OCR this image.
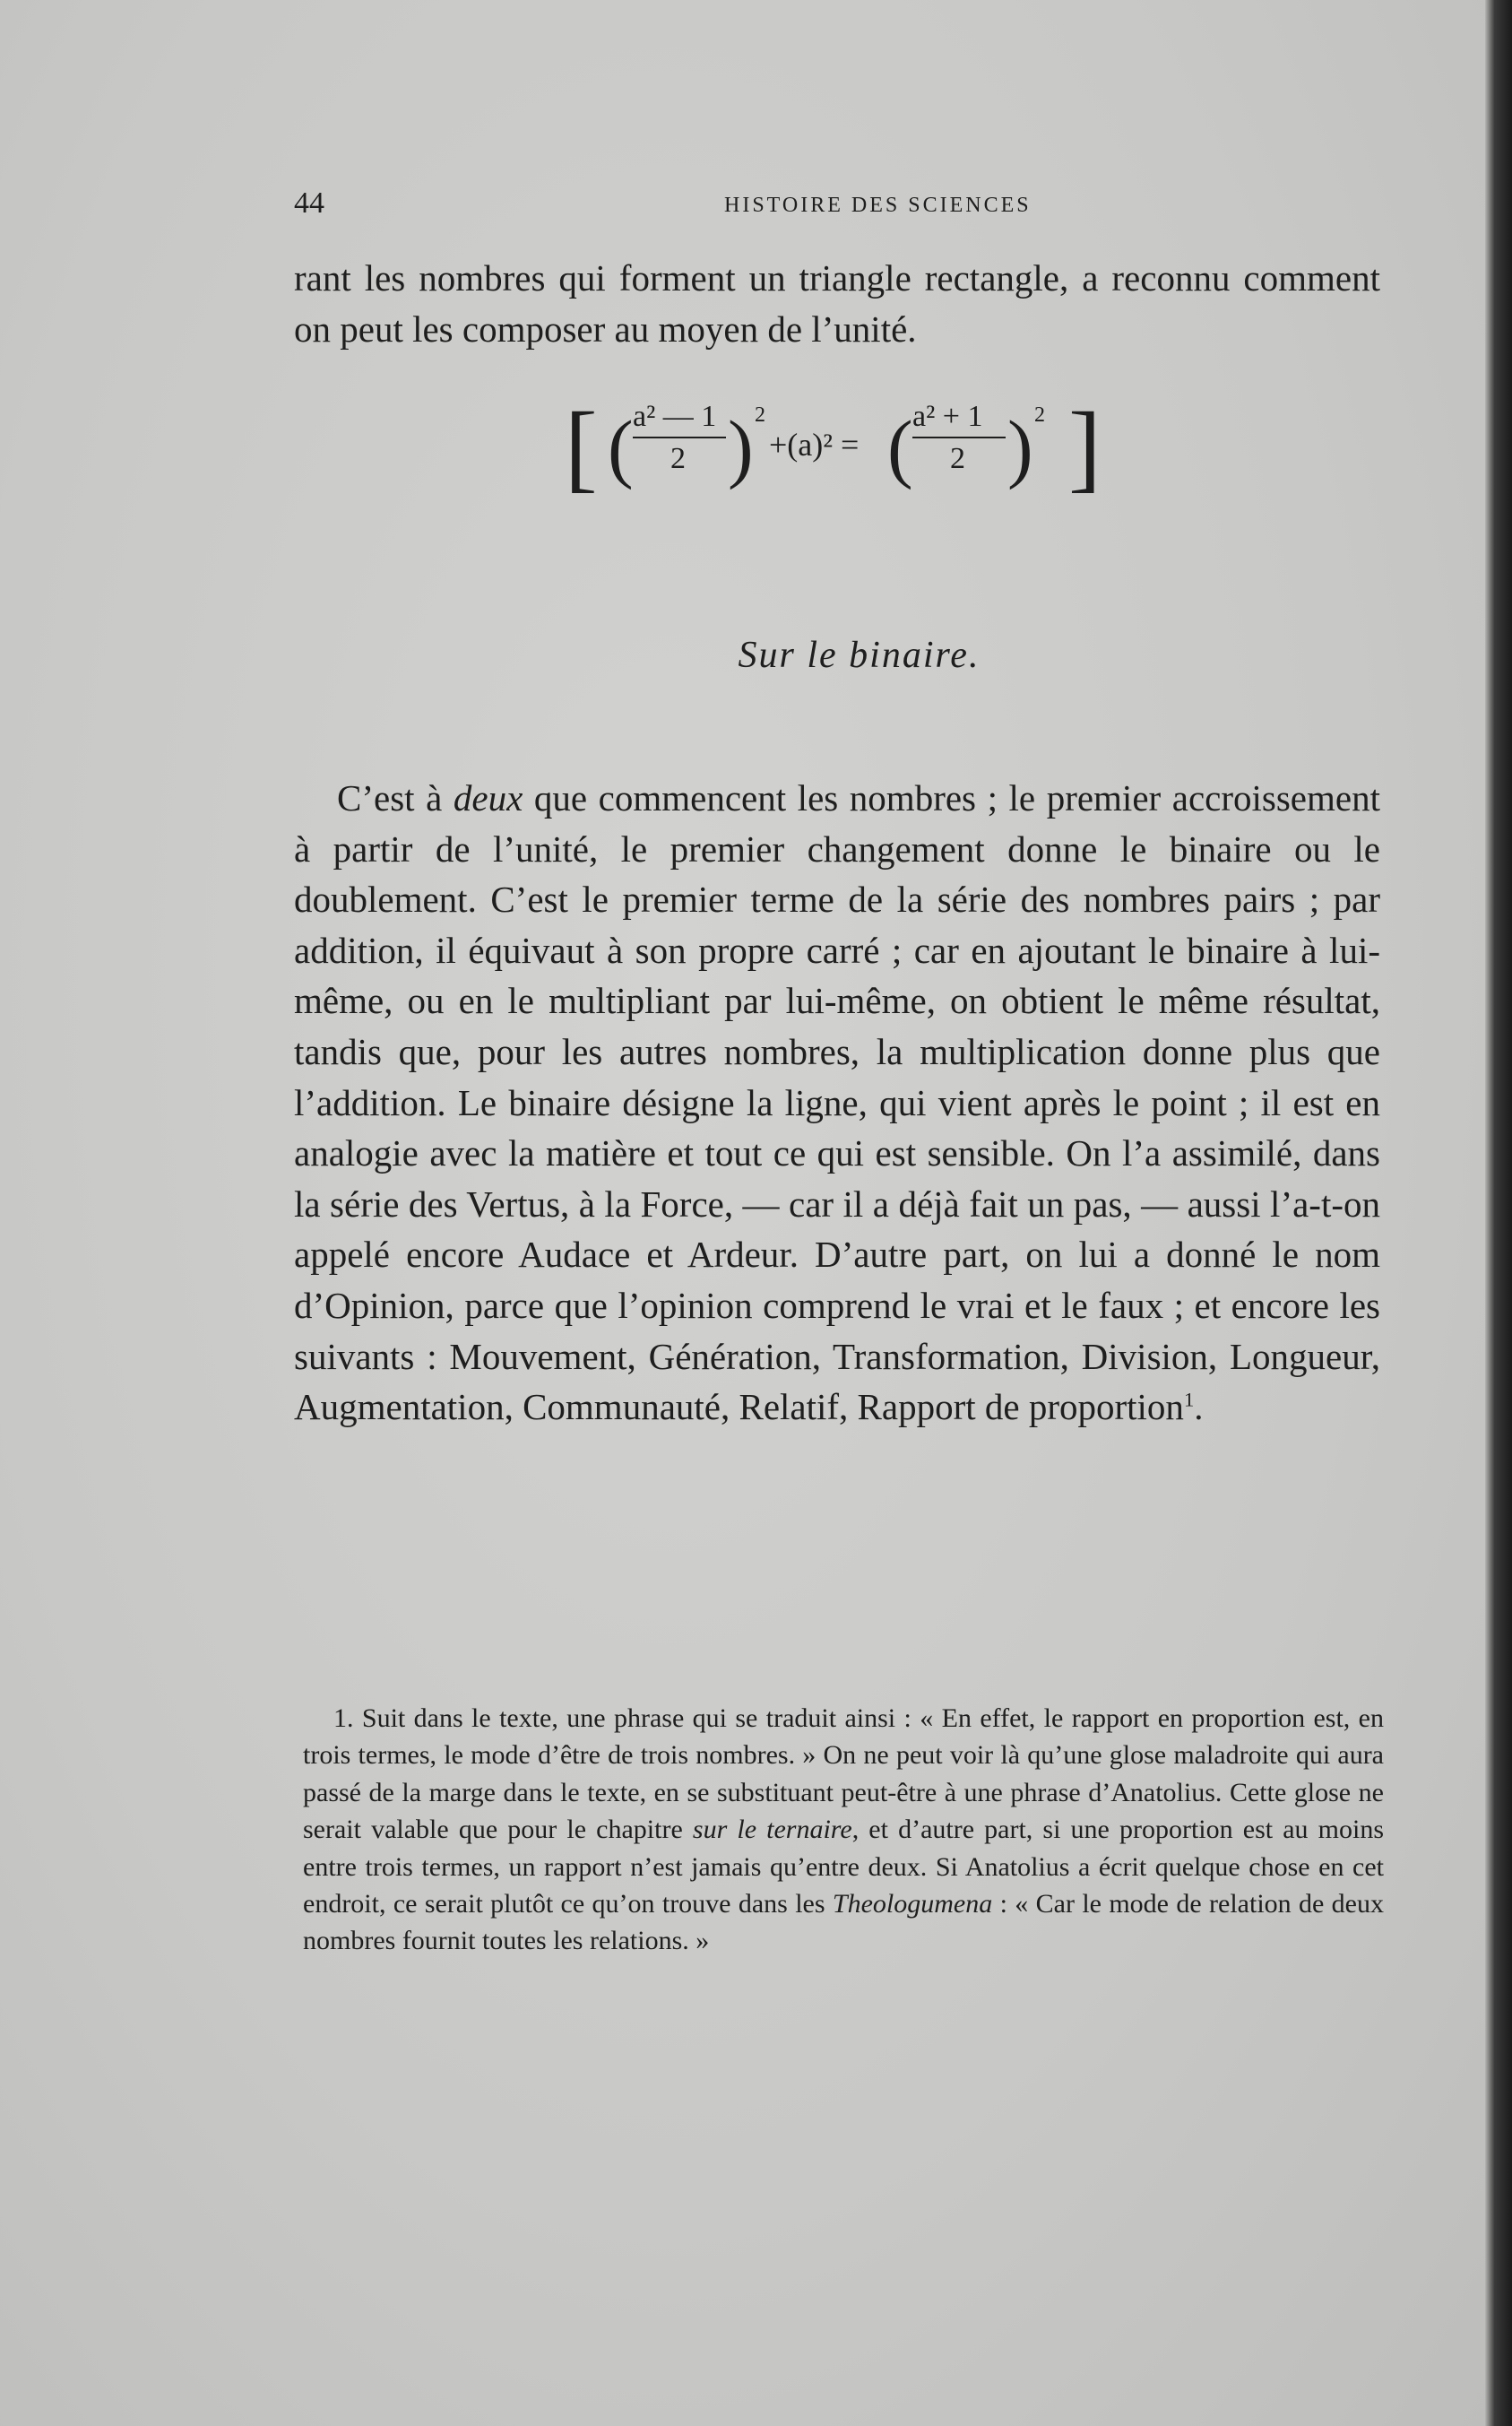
44	HISTOIRE DES SCIENCES
rant les nombres qui forment un triangle rectangle, a reconnu comment on peut les composer au moyen de l’unité.
[ ( a² — 1
2 ) 2
+(a)² = ( a² + 1
2 ) 2 ]
Sur le binaire.
C’est à deux que commencent les nombres ; le premier accroissement à partir de l’unité, le premier changement donne le binaire ou le doublement. C’est le premier terme de la série des nombres pairs ; par addition, il équivaut à son propre carré ; car en ajoutant le binaire à lui-même, ou en le multipliant par lui-même, on obtient le même résultat, tandis que, pour les autres nombres, la multiplication donne plus que l’addition. Le binaire désigne la ligne, qui vient après le point ; il est en analogie avec la matière et tout ce qui est sensible. On l’a assimilé, dans la série des Vertus, à la Force, — car il a déjà fait un pas, — aussi l’a-t-on appelé encore Audace et Ardeur. D’autre part, on lui a donné le nom d’Opinion, parce que l’opinion comprend le vrai et le faux ; et encore les suivants : Mouvement, Génération, Transformation, Division, Longueur, Augmentation, Communauté, Relatif, Rapport de proportion$^1$.
1. Suit dans le texte, une phrase qui se traduit ainsi : « En effet, le rapport en proportion est, en trois termes, le mode d’être de trois nombres. » On ne peut voir là qu’une glose maladroite qui aura passé de la marge dans le texte, en se substituant peut-être à une phrase d’Anatolius. Cette glose ne serait valable que pour le chapitre sur le ternaire, et d’autre part, si une proportion est au moins entre trois termes, un rapport n’est jamais qu’entre deux. Si Anatolius a écrit quelque chose en cet endroit, ce serait plutôt ce qu’on trouve dans les Theologumena : « Car le mode de relation de deux nombres fournit toutes les relations. »
